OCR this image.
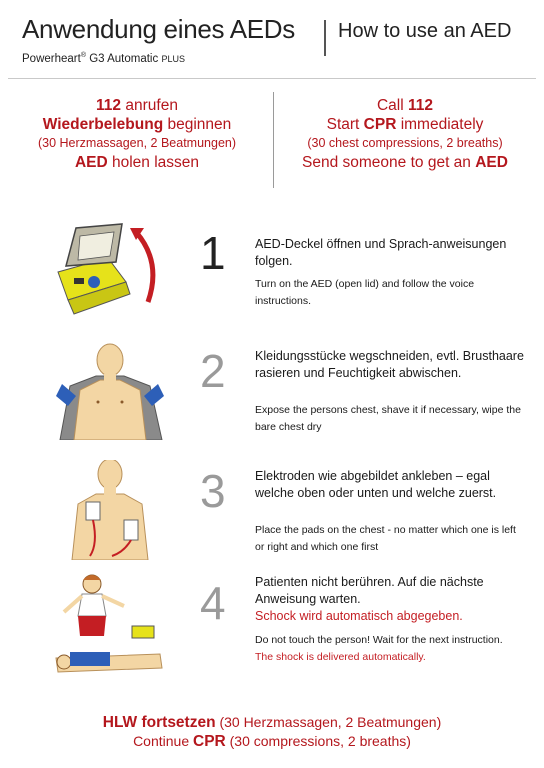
Anwendung eines AEDs How to use an AED
Powerheart® G3 Automatic PLUS
112 anrufen
Wiederbelebung beginnen
(30 Herzmassagen, 2 Beatmungen)
AED holen lassen
Call 112
Start CPR immediately
(30 chest compressions, 2 breaths)
Send someone to get an AED
1 AED-Deckel öffnen und Sprach-anweisungen folgen.
Turn on the AED (open lid) and follow the voice instructions.
2 Kleidungsstücke wegschneiden, evtl. Brusthaare rasieren und Feuchtigkeit abwischen.
Expose the persons chest, shave it if necessary, wipe the bare chest dry
3 Elektroden wie abgebildet ankleben – egal welche oben oder unten und welche zuerst.
Place the pads on the chest - no matter which one is left or right and which one first
4 Patienten nicht berühren. Auf die nächste Anweisung warten.
Schock wird automatisch abgegeben.
Do not touch the person! Wait for the next instruction.
The shock is delivered automatically.
HLW fortsetzen (30 Herzmassagen, 2 Beatmungen)
Continue CPR (30 compressions, 2 breaths)
